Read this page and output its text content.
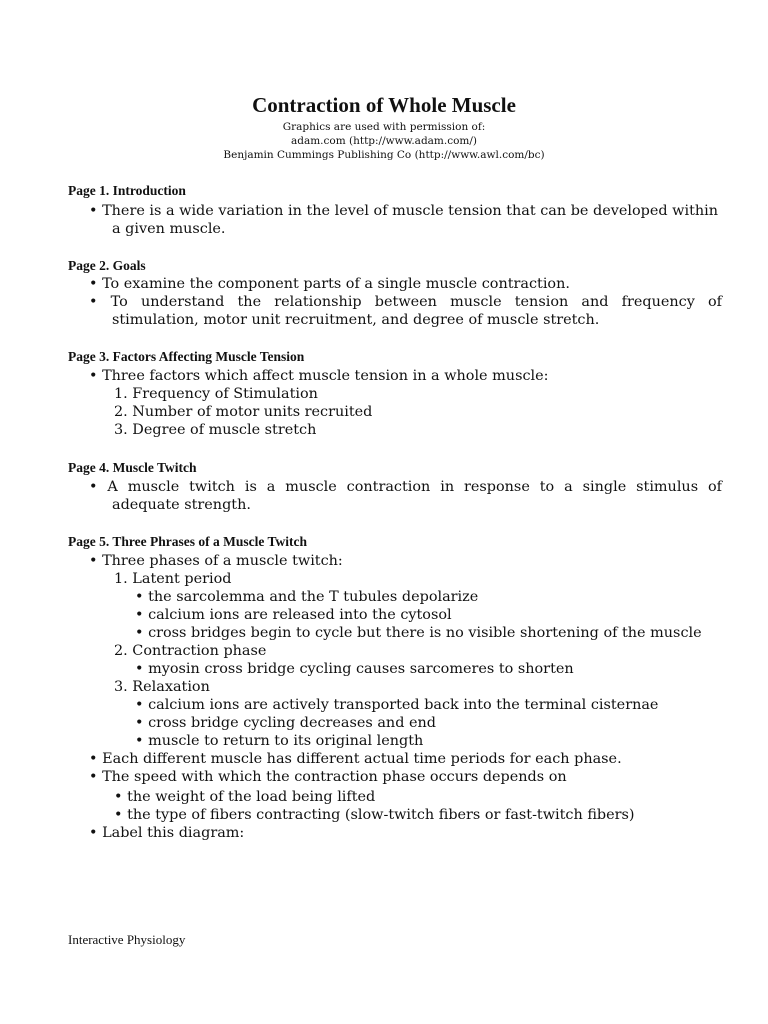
Contraction of Whole Muscle
Graphics are used with permission of:
adam.com (http://www.adam.com/)
Benjamin Cummings Publishing Co (http://www.awl.com/bc)
Page 1. Introduction
• There is a wide variation in the level of muscle tension that can be developed within
a given muscle.
Page 2. Goals
• To examine the component parts of a single muscle contraction.
• To understand the relationship between muscle tension and frequency of
stimulation, motor unit recruitment, and degree of muscle stretch.
Page 3. Factors Affecting Muscle Tension
• Three factors which affect muscle tension in a whole muscle:
1. Frequency of Stimulation
2. Number of motor units recruited
3. Degree of muscle stretch
Page 4. Muscle Twitch
• A muscle twitch is a muscle contraction in response to a single stimulus of
adequate strength.
Page 5. Three Phrases of a Muscle Twitch
• Three phases of a muscle twitch:
1. Latent period
• the sarcolemma and the T tubules depolarize
• calcium ions are released into the cytosol
• cross bridges begin to cycle but there is no visible shortening of the muscle
2. Contraction phase
• myosin cross bridge cycling causes sarcomeres to shorten
3. Relaxation
• calcium ions are actively transported back into the terminal cisternae
• cross bridge cycling decreases and end
• muscle to return to its original length
• Each different muscle has different actual time periods for each phase.
• The speed with which the contraction phase occurs depends on
• the weight of the load being lifted
• the type of fibers contracting (slow-twitch fibers or fast-twitch fibers)
• Label this diagram:
Interactive Physiology
